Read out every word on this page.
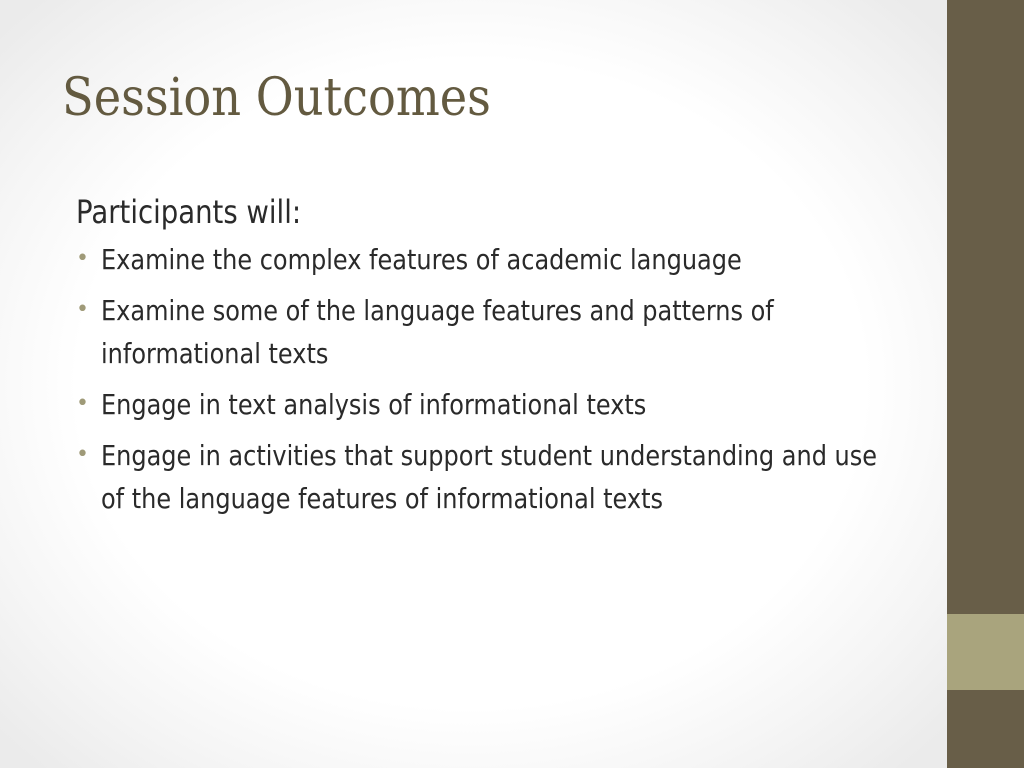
Session Outcomes

Participants will:

• Examine the complex features of academic language
• Examine some of the language features and patterns of informational texts
• Engage in text analysis of informational texts
• Engage in activities that support student understanding and use of the language features of informational texts
